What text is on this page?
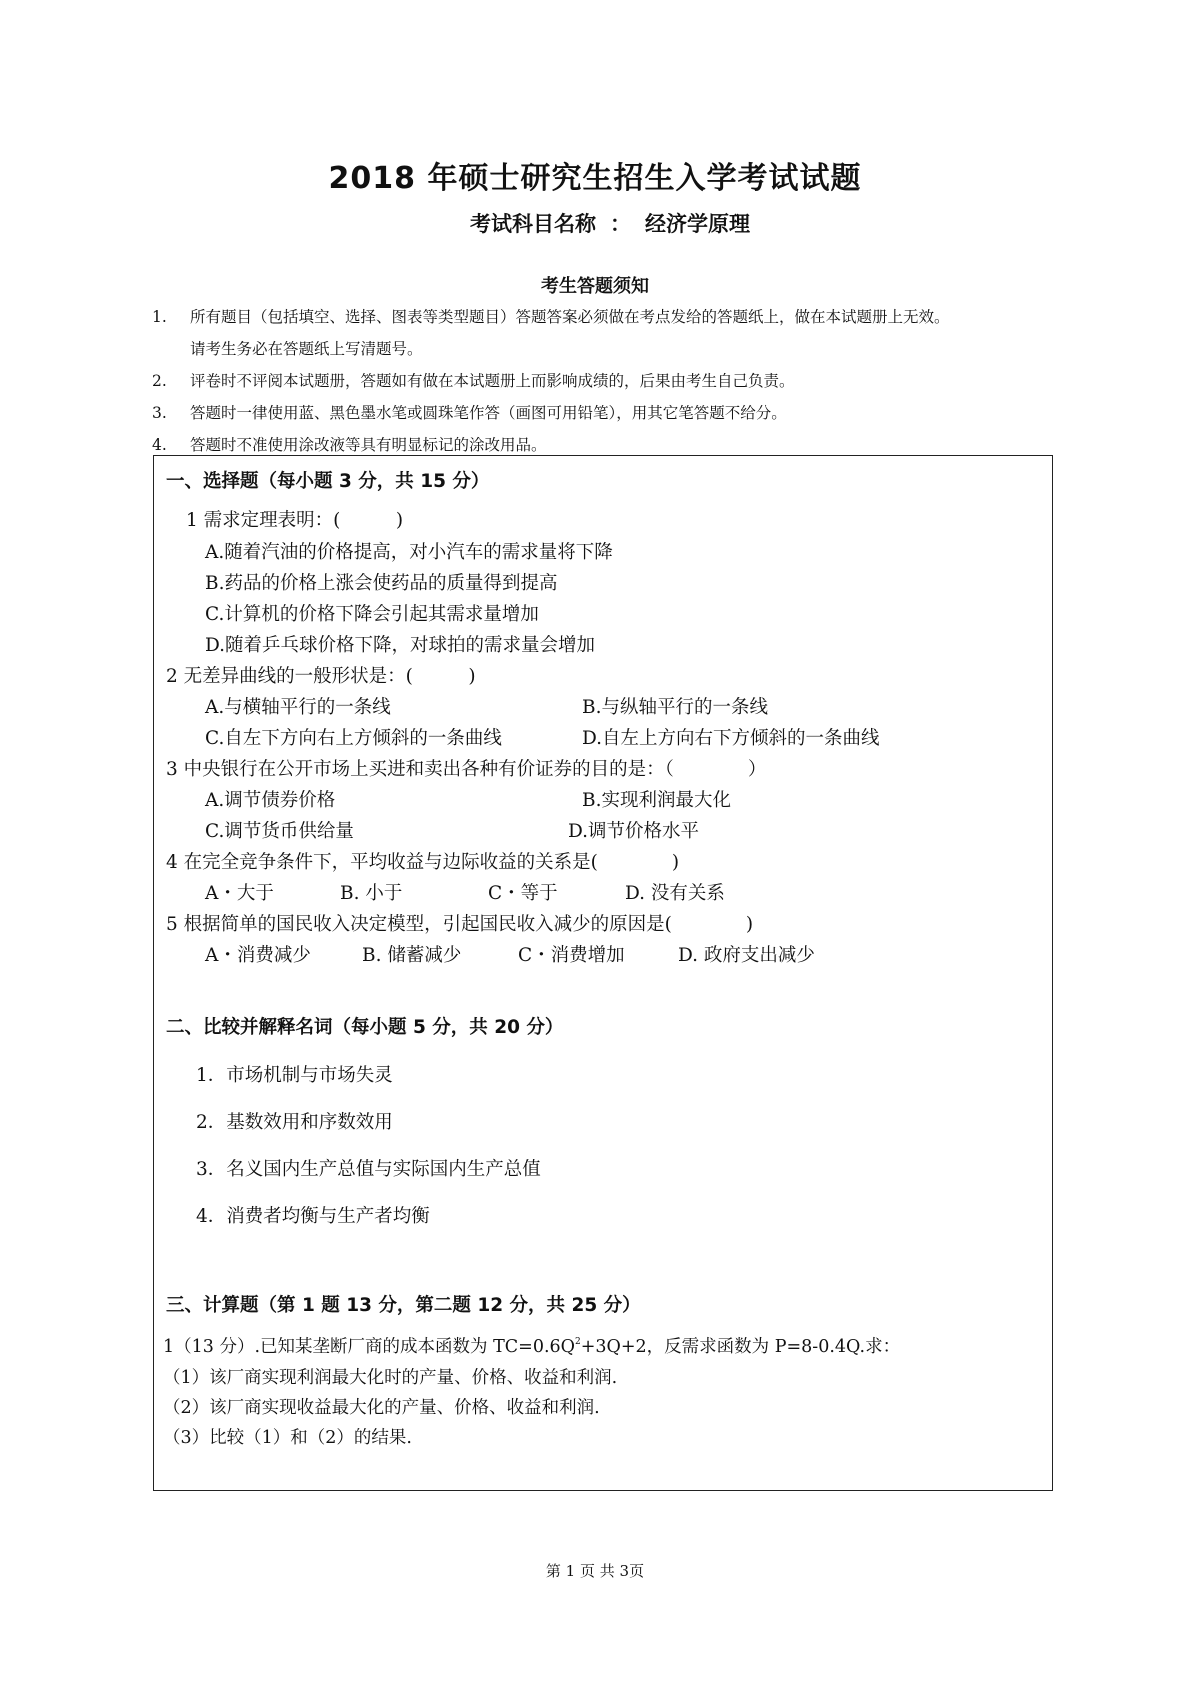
2018 年硕士研究生招生入学考试试题
考试科目名称 ： 经济学原理
考生答题须知
1. 所有题目（包括填空、选择、图表等类型题目）答题答案必须做在考点发给的答题纸上，做在本试题册上无效。
请考生务必在答题纸上写清题号。
2. 评卷时不评阅本试题册，答题如有做在本试题册上而影响成绩的，后果由考生自己负责。
3. 答题时一律使用蓝、黑色墨水笔或圆珠笔作答（画图可用铅笔），用其它笔答题不给分。
4. 答题时不准使用涂改液等具有明显标记的涂改用品。
一、选择题（每小题 3 分，共 15 分）
1 需求定理表明：(　　　)
A.随着汽油的价格提高，对小汽车的需求量将下降
B.药品的价格上涨会使药品的质量得到提高
C.计算机的价格下降会引起其需求量增加
D.随着乒乓球价格下降，对球拍的需求量会增加
2 无差异曲线的一般形状是：(　　　)
A.与横轴平行的一条线	B.与纵轴平行的一条线
C.自左下方向右上方倾斜的一条曲线	D.自左上方向右下方倾斜的一条曲线
3 中央银行在公开市场上买进和卖出各种有价证券的目的是：（　　　　）
A.调节债券价格	B.实现利润最大化
C.调节货币供给量	D.调节价格水平
4 在完全竞争条件下，平均收益与边际收益的关系是(　　　　)
A・大于	B. 小于	C・等于	D. 没有关系
5 根据简单的国民收入决定模型，引起国民收入减少的原因是(　　　　)
A・消费减少	B. 储蓄减少	C・消费增加	D. 政府支出减少
二、比较并解释名词（每小题 5 分，共 20 分）
1．市场机制与市场失灵
2．基数效用和序数效用
3．名义国内生产总值与实际国内生产总值
4．消费者均衡与生产者均衡
三、计算题（第 1 题 13 分，第二题 12 分，共 25 分）
1（13 分）.已知某垄断厂商的成本函数为 $TC=0.6Q^2+3Q+2$，反需求函数为 P=8-0.4Q.求：
（1）该厂商实现利润最大化时的产量、价格、收益和利润.
（2）该厂商实现收益最大化的产量、价格、收益和利润.
（3）比较（1）和（2）的结果.
第 1 页 共 3页
